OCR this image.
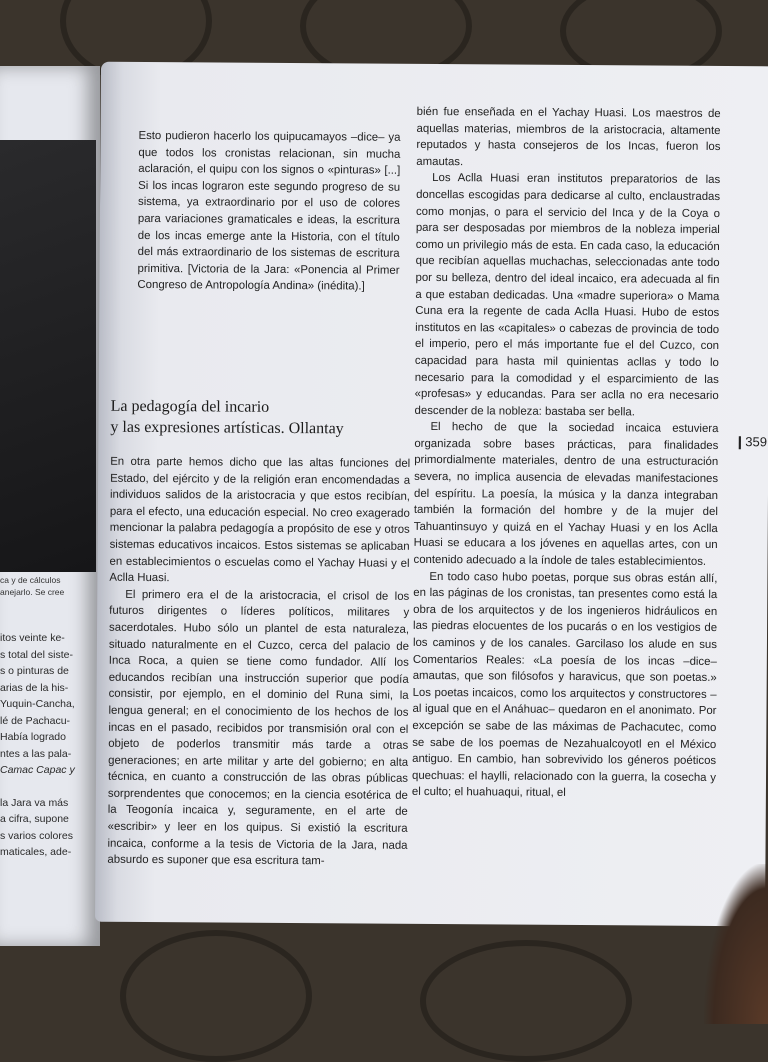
ca y de cálculos
anejarlo. Se cree
itos veinte ke-
s total del siste-
s o pinturas de
arias de la his-
Yuquin-Cancha,
lé de Pachacu-
Había logrado
ntes a las pala-
Camac Capac y
la Jara va más
a cifra, supone
s varios colores
maticales, ade-

Esto pudieron hacerlo los quipucamayos –dice– ya que todos los cronistas relacionan, sin mucha aclaración, el quipu con los signos o «pinturas» [...] Si los incas lograron este segundo progreso de su sistema, ya extraordinario por el uso de colores para variaciones gramaticales e ideas, la escritura de los incas emerge ante la Historia, con el título del más extraordinario de los sistemas de escritura primitiva. [Victoria de la Jara: «Ponencia al Primer Congreso de Antropología Andina» (inédita).]

La pedagogía del incario
y las expresiones artísticas. Ollantay

En otra parte hemos dicho que las altas funciones del Estado, del ejército y de la religión eran encomendadas a individuos salidos de la aristocracia y que estos recibían, para el efecto, una educación especial. No creo exagerado mencionar la palabra pedagogía a propósito de ese y otros sistemas educativos incaicos. Estos sistemas se aplicaban en establecimientos o escuelas como el Yachay Huasi y el Aclla Huasi.

El primero era el de la aristocracia, el crisol de los futuros dirigentes o líderes políticos, militares y sacerdotales. Hubo sólo un plantel de esta naturaleza, situado naturalmente en el Cuzco, cerca del palacio de Inca Roca, a quien se tiene como fundador. Allí los educandos recibían una instrucción superior que podía consistir, por ejemplo, en el dominio del Runa simi, la lengua general; en el conocimiento de los hechos de los incas en el pasado, recibidos por transmisión oral con el objeto de poderlos transmitir más tarde a otras generaciones; en arte militar y arte del gobierno; en alta técnica, en cuanto a construcción de las obras públicas sorprendentes que conocemos; en la ciencia esotérica de la Teogonía incaica y, seguramente, en el arte de «escribir» y leer en los quipus. Si existió la escritura incaica, conforme a la tesis de Victoria de la Jara, nada absurdo es suponer que esa escritura tam-

bién fue enseñada en el Yachay Huasi. Los maestros de aquellas materias, miembros de la aristocracia, altamente reputados y hasta consejeros de los Incas, fueron los amautas.

Los Aclla Huasi eran institutos preparatorios de las doncellas escogidas para dedicarse al culto, enclaustradas como monjas, o para el servicio del Inca y de la Coya o para ser desposadas por miembros de la nobleza imperial como un privilegio más de esta. En cada caso, la educación que recibían aquellas muchachas, seleccionadas ante todo por su belleza, dentro del ideal incaico, era adecuada al fin a que estaban dedicadas. Una «madre superiora» o Mama Cuna era la regente de cada Aclla Huasi. Hubo de estos institutos en las «capitales» o cabezas de provincia de todo el imperio, pero el más importante fue el del Cuzco, con capacidad para hasta mil quinientas acllas y todo lo necesario para la comodidad y el esparcimiento de las «profesas» y educandas. Para ser aclla no era necesario descender de la nobleza: bastaba ser bella.

El hecho de que la sociedad incaica estuviera organizada sobre bases prácticas, para finalidades primordialmente materiales, dentro de una estructuración severa, no implica ausencia de elevadas manifestaciones del espíritu. La poesía, la música y la danza integraban también la formación del hombre y de la mujer del Tahuantinsuyo y quizá en el Yachay Huasi y en los Aclla Huasi se educara a los jóvenes en aquellas artes, con un contenido adecuado a la índole de tales establecimientos.

En todo caso hubo poetas, porque sus obras están allí, en las páginas de los cronistas, tan presentes como está la obra de los arquitectos y de los ingenieros hidráulicos en las piedras elocuentes de los pucarás o en los vestigios de los caminos y de los canales. Garcilaso los alude en sus Comentarios Reales: «La poesía de los incas –dice– amautas, que son filósofos y haravicus, que son poetas.» Los poetas incaicos, como los arquitectos y constructores –al igual que en el Anáhuac– quedaron en el anonimato. Por excepción se sabe de las máximas de Pachacutec, como se sabe de los poemas de Nezahualcoyotl en el México antiguo. En cambio, han sobrevivido los géneros poéticos quechuas: el haylli, relacionado con la guerra, la cosecha y el culto; el huahuaqui, ritual, el

❙359
